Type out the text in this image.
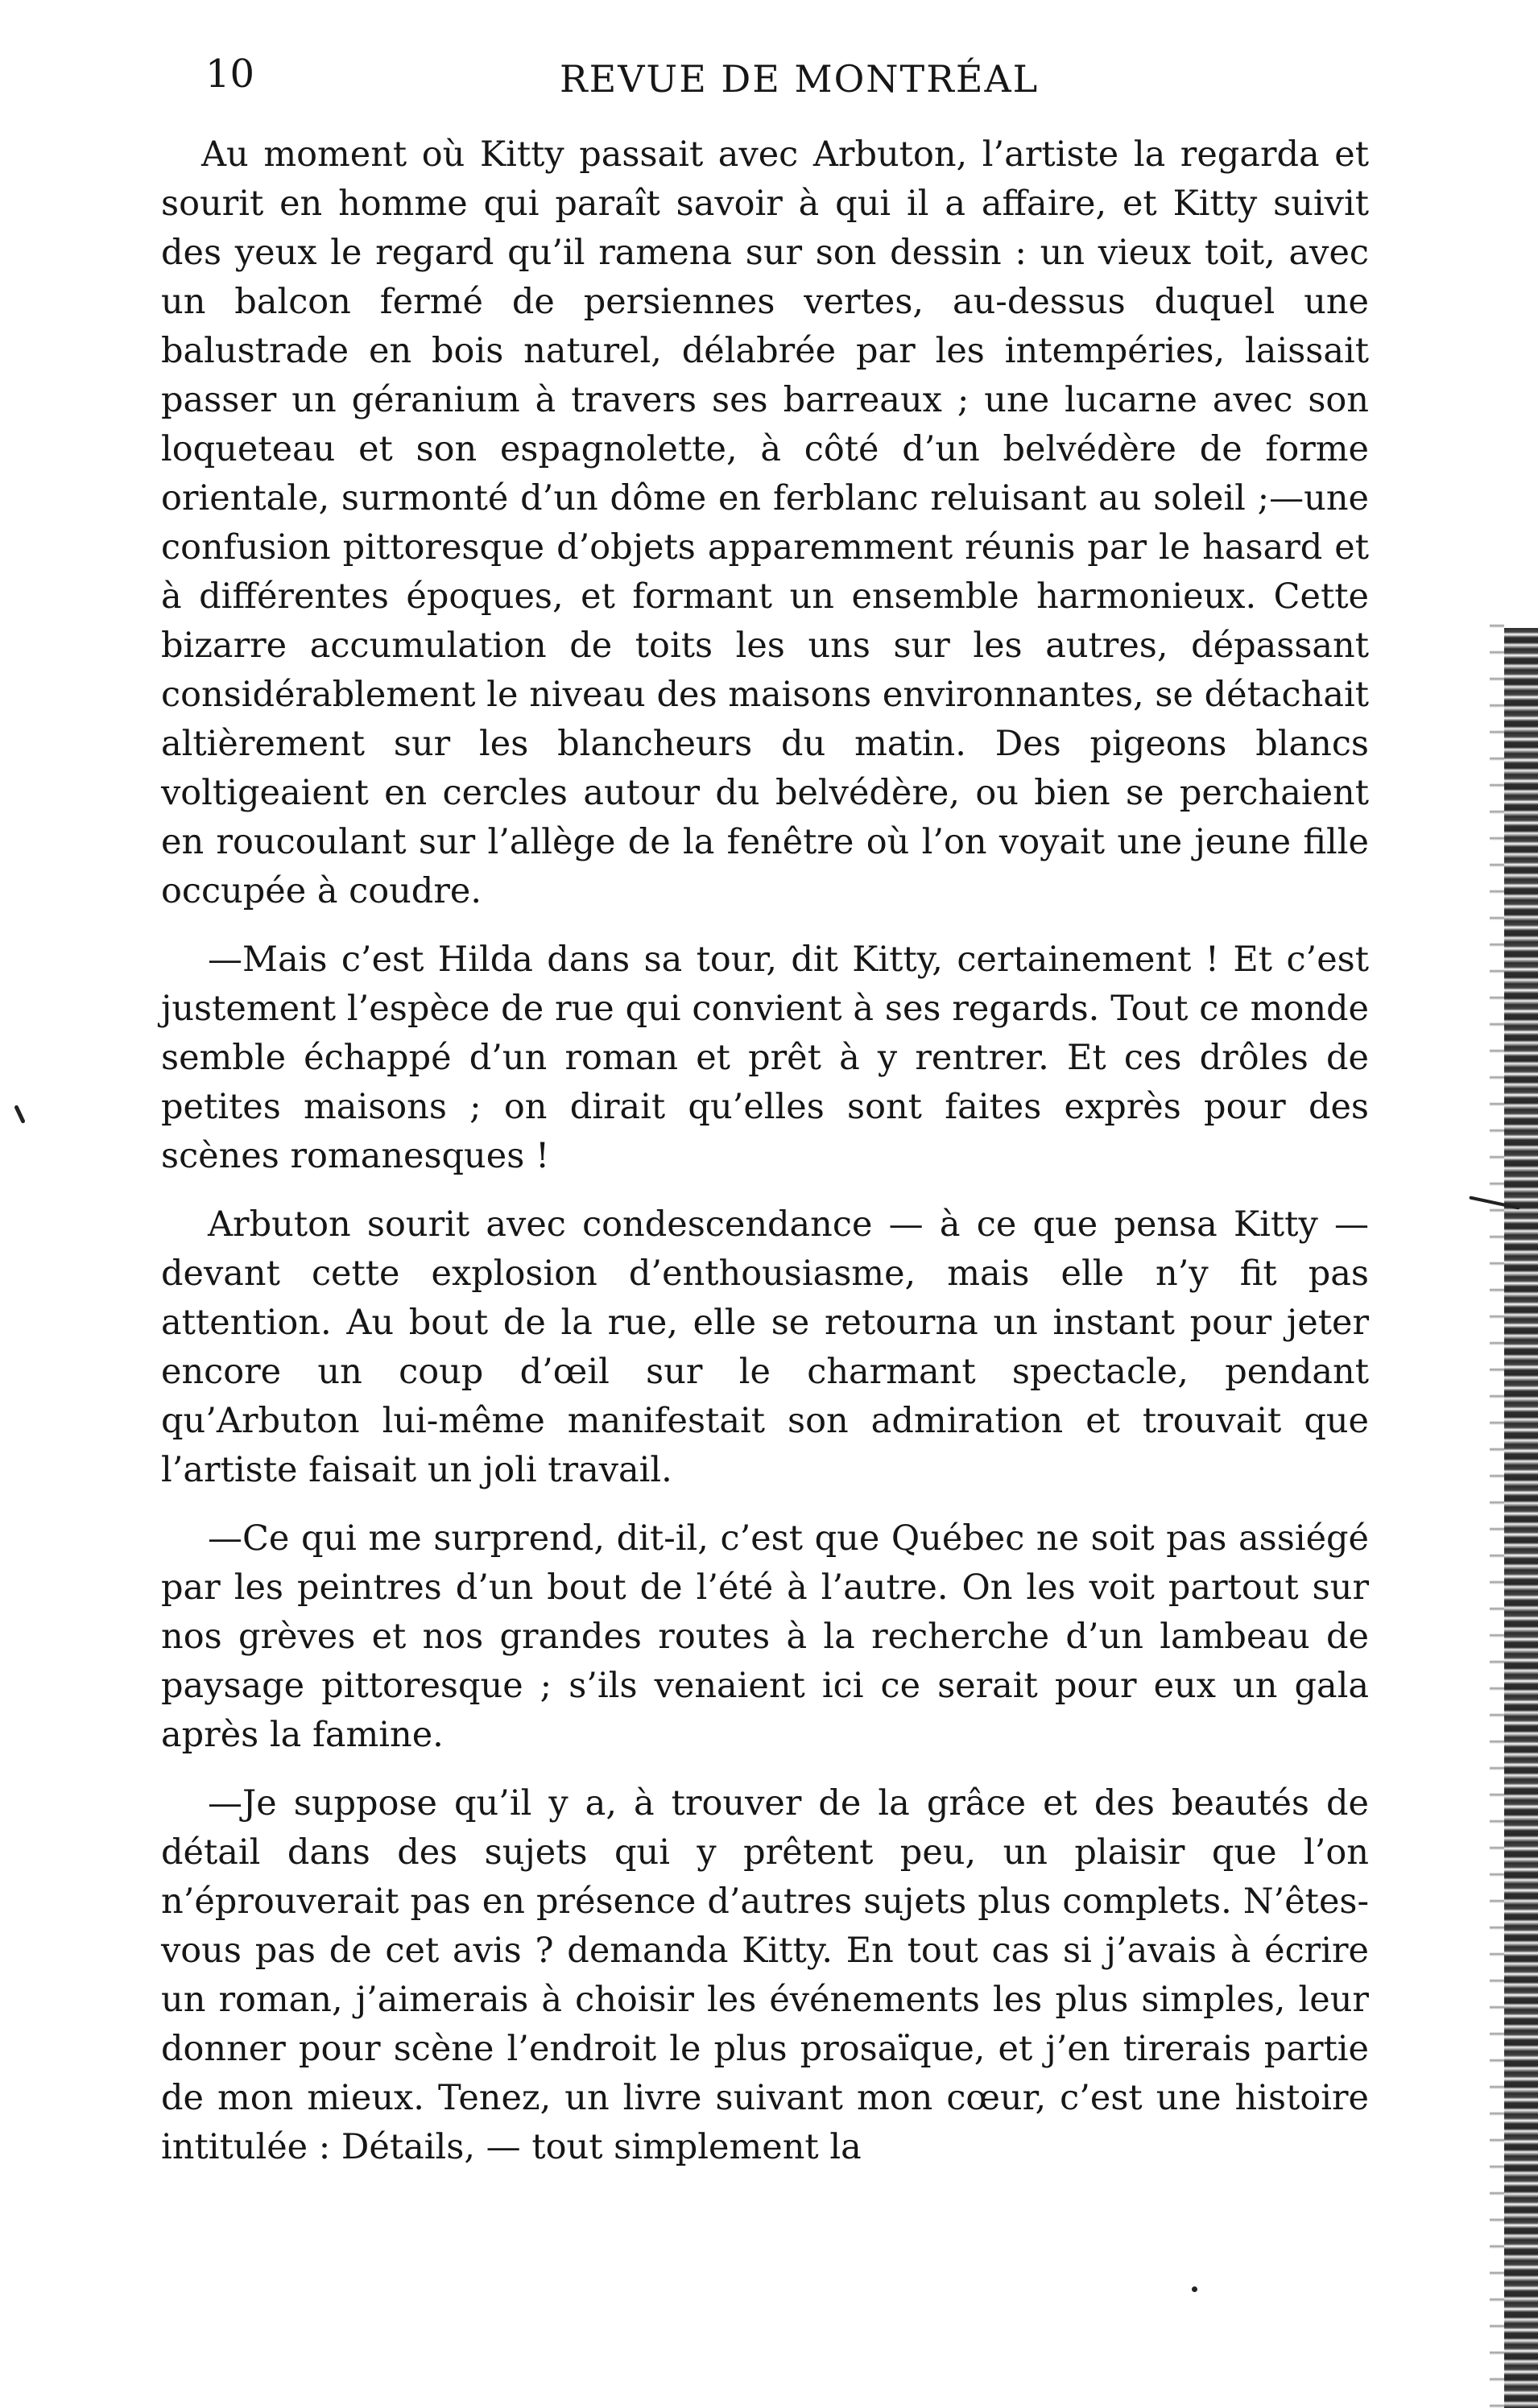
10	REVUE DE MONTRÉAL

Au moment où Kitty passait avec Arbuton, l’artiste la regarda et sourit en homme qui paraît savoir à qui il a affaire, et Kitty suivit des yeux le regard qu’il ramena sur son dessin : un vieux toit, avec un balcon fermé de persiennes vertes, au-dessus duquel une balustrade en bois naturel, délabrée par les intempéries, laissait passer un géranium à travers ses barreaux ; une lucarne avec son loqueteau et son espagnolette, à côté d’un belvédère de forme orientale, surmonté d’un dôme en ferblanc reluisant au soleil ;—une confusion pittoresque d’objets apparemment réunis par le hasard et à différentes époques, et formant un ensemble harmonieux. Cette bizarre accumulation de toits les uns sur les autres, dépassant considérablement le niveau des maisons environnantes, se détachait altièrement sur les blancheurs du matin. Des pigeons blancs voltigeaient en cercles autour du belvédère, ou bien se perchaient en roucoulant sur l’allège de la fenêtre où l’on voyait une jeune fille occupée à coudre.

—Mais c’est Hilda dans sa tour, dit Kitty, certainement ! Et c’est justement l’espèce de rue qui convient à ses regards. Tout ce monde semble échappé d’un roman et prêt à y rentrer. Et ces drôles de petites maisons ; on dirait qu’elles sont faites exprès pour des scènes romanesques !

Arbuton sourit avec condescendance — à ce que pensa Kitty — devant cette explosion d’enthousiasme, mais elle n’y fit pas attention. Au bout de la rue, elle se retourna un instant pour jeter encore un coup d’œil sur le charmant spectacle, pendant qu’Arbuton lui-même manifestait son admiration et trouvait que l’artiste faisait un joli travail.

—Ce qui me surprend, dit-il, c’est que Québec ne soit pas assiégé par les peintres d’un bout de l’été à l’autre. On les voit partout sur nos grèves et nos grandes routes à la recherche d’un lambeau de paysage pittoresque ; s’ils venaient ici ce serait pour eux un gala après la famine.

—Je suppose qu’il y a, à trouver de la grâce et des beautés de détail dans des sujets qui y prêtent peu, un plaisir que l’on n’éprouverait pas en présence d’autres sujets plus complets. N’êtes-vous pas de cet avis ? demanda Kitty. En tout cas si j’avais à écrire un roman, j’aimerais à choisir les événements les plus simples, leur donner pour scène l’endroit le plus prosaïque, et j’en tirerais partie de mon mieux. Tenez, un livre suivant mon cœur, c’est une histoire intitulée : Détails, — tout simplement la
